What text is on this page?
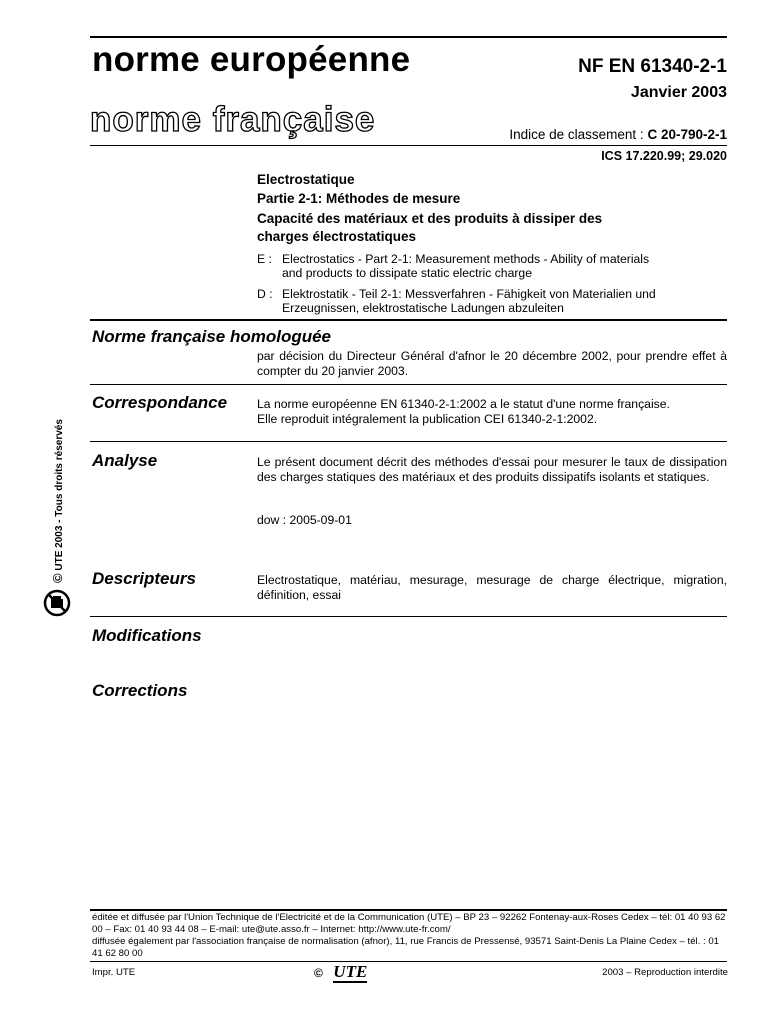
norme européenne
norme française
NF EN 61340-2-1
Janvier 2003
Indice de classement : C 20-790-2-1
ICS 17.220.99; 29.020
Electrostatique
Partie 2-1: Méthodes de mesure
Capacité des matériaux et des produits à dissiper des
charges électrostatiques
E : Electrostatics - Part 2-1: Measurement methods - Ability of materials
and products to dissipate static electric charge
D : Elektrostatik - Teil 2-1: Messverfahren - Fähigkeit von Materialien und
Erzeugnissen, elektrostatische Ladungen abzuleiten
Norme française homologuée
par décision du Directeur Général d'afnor le 20 décembre 2002, pour prendre effet à compter du 20 janvier 2003.
Correspondance La norme européenne EN 61340-2-1:2002 a le statut d'une norme française. Elle reproduit intégralement la publication CEI 61340-2-1:2002.
Analyse	Le présent document décrit des méthodes d'essai pour mesurer le taux de dissipation des charges statiques des matériaux et des produits dissipatifs isolants et statiques.
dow : 2005-09-01
Descripteurs	Electrostatique, matériau, mesurage, mesurage de charge électrique, migration, définition, essai
Modifications
Corrections
© UTE 2003 - Tous droits réservés
éditée et diffusée par l'Union Technique de l'Electricité et de la Communication (UTE) – BP 23 – 92262 Fontenay-aux-Roses Cedex – tél: 01 40 93 62 00 – Fax: 01 40 93 44 08 – E-mail: ute@ute.asso.fr – Internet: http://www.ute-fr.com/
diffusée également par l'association française de normalisation (afnor), 11, rue Francis de Pressensé, 93571 Saint-Denis La Plaine Cedex – tél. : 01 41 62 80 00
Impr. UTE	© UTE	2003 – Reproduction interdite
